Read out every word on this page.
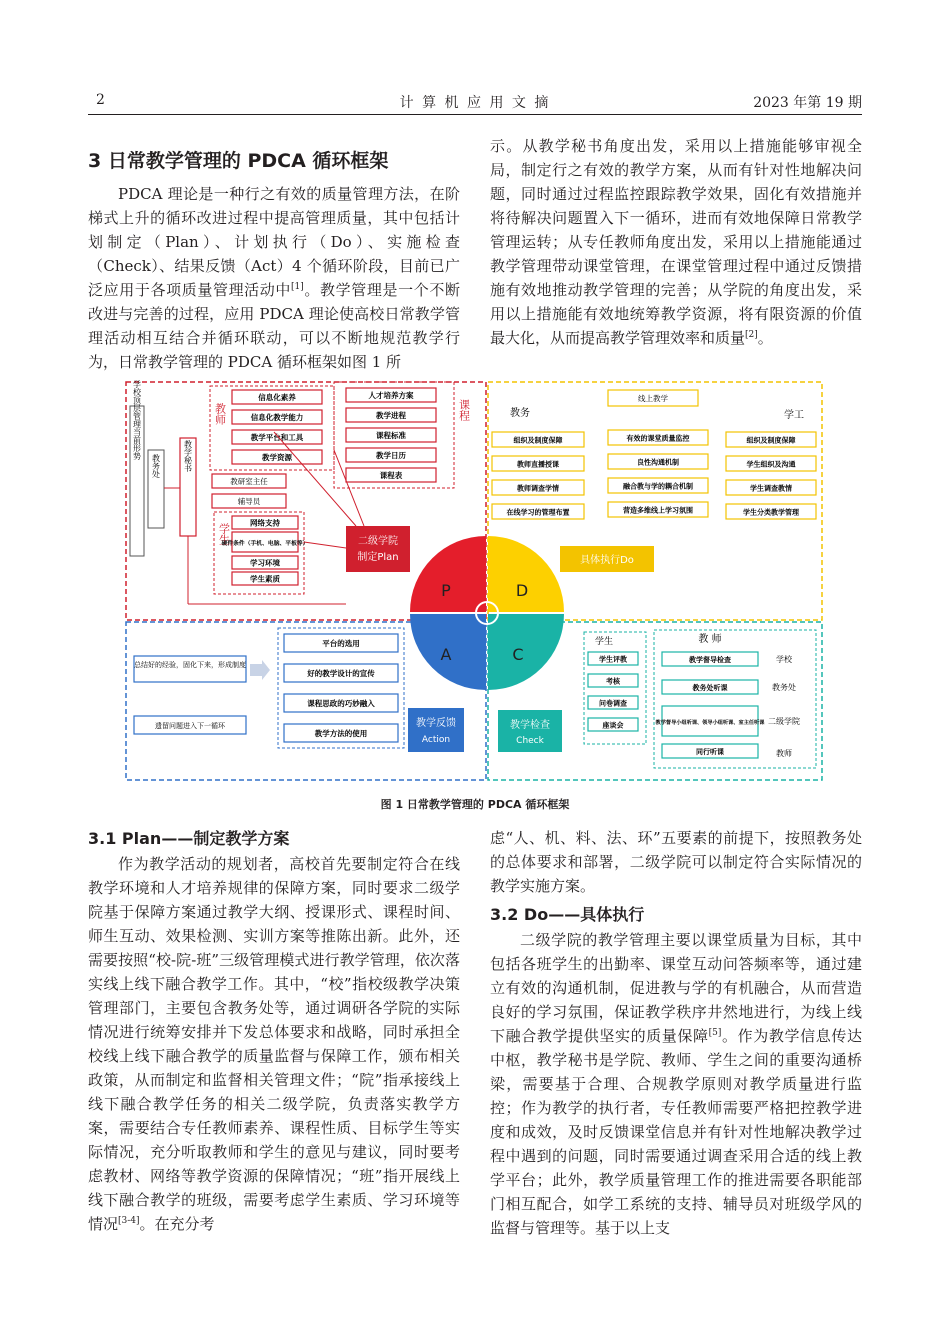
2	计 算 机 应 用 文 摘	2023 年第 19 期
3 日常教学管理的 PDCA 循环框架

PDCA 理论是一种行之有效的质量管理方法，在阶梯式上升的循环改进过程中提高管理质量，其中包括计划制定（Plan）、计划执行（Do）、实施检查（Check）、结果反馈（Act）4 个循环阶段，目前已广泛应用于各项质量管理活动中[1]。教学管理是一个不断改进与完善的过程，应用 PDCA 理论使高校日常教学管理活动相互结合并循环联动，可以不断地规范教学行为，日常教学管理的 PDCA 循环框架如图 1 所

示。从教学秘书角度出发，采用以上措施能够审视全局，制定行之有效的教学方案，从而有针对性地解决问题，同时通过过程监控跟踪教学效果，固化有效措施并将待解决问题置入下一循环，进而有效地保障日常教学管理运转；从专任教师角度出发，采用以上措施能通过教学管理带动课堂管理，在课堂管理过程中通过反馈措施有效地推动教学管理的完善；从学院的角度出发，采用以上措施能有效地统筹教学资源，将有限资源的价值最大化，从而提高教学管理效率和质量[2]。

学校顶层管理当前形势
教务处	教学秘书
教师
信息化素养
信息化教学能力
教学平台和工具
教学资源
课程
人才培养方案
教学进程
课程标准
教学日历
课程表
教研室主任
辅导员
学生	网络支持
硬件条件（手机、电脑、平板等）
学习环境
学生素质
二级学院
制定Plan
线上教学
教务	学工
组织及制度保障
教师直播授课
教师调查学情
在线学习的管理布置
有效的课堂质量监控
良性沟通机制
融合教与学的耦合机制
营造多维线上学习氛围
组织及制度保障
学生组织及沟通
学生调查教情
学生分类教学管理
具体执行Do
总结好的经验，固化下来，形成制度
遗留问题进入下一循环
平台的选用
好的教学设计的宣传
课程思政的巧妙融入
教学方法的使用
教学反馈
Action
教学检查
Check
学生
学生评教
考核
问卷调查
座谈会
教 师
教学督导检查
教务处听课
教学督导小组听课、领导小组听课、室主任听课
同行听课
学校
教务处
二级学院
教师
P	D
A	C
图 1 日常教学管理的 PDCA 循环框架
3.1 Plan——制定教学方案

作为教学活动的规划者，高校首先要制定符合在线教学环境和人才培养规律的保障方案，同时要求二级学院基于保障方案通过教学大纲、授课形式、课程时间、师生互动、效果检测、实训方案等推陈出新。此外，还需要按照“校-院-班”三级管理模式进行教学管理，依次落实线上线下融合教学工作。其中，“校”指校级教学决策管理部门，主要包含教务处等，通过调研各学院的实际情况进行统筹安排并下发总体要求和战略，同时承担全校线上线下融合教学的质量监督与保障工作，颁布相关政策，从而制定和监督相关管理文件；“院”指承接线上线下融合教学任务的相关二级学院，负责落实教学方案，需要结合专任教师素养、课程性质、目标学生等实际情况，充分听取教师和学生的意见与建议，同时要考虑教材、网络等教学资源的保障情况；“班”指开展线上线下融合教学的班级，需要考虑学生素质、学习环境等情况[3-4]。在充分考

虑“人、机、料、法、环”五要素的前提下，按照教务处的总体要求和部署，二级学院可以制定符合实际情况的教学实施方案。

3.2 Do——具体执行

二级学院的教学管理主要以课堂质量为目标，其中包括各班学生的出勤率、课堂互动问答频率等，通过建立有效的沟通机制，促进教与学的有机融合，从而营造良好的学习氛围，保证教学秩序井然地进行，为线上线下融合教学提供坚实的质量保障[5]。作为教学信息传达中枢，教学秘书是学院、教师、学生之间的重要沟通桥梁，需要基于合理、合规教学原则对教学质量进行监控；作为教学的执行者，专任教师需要严格把控教学进度和成效，及时反馈课堂信息并有针对性地解决教学过程中遇到的问题，同时需要通过调查采用合适的线上教学平台；此外，教学质量管理工作的推进需要各职能部门相互配合，如学工系统的支持、辅导员对班级学风的监督与管理等。基于以上支
